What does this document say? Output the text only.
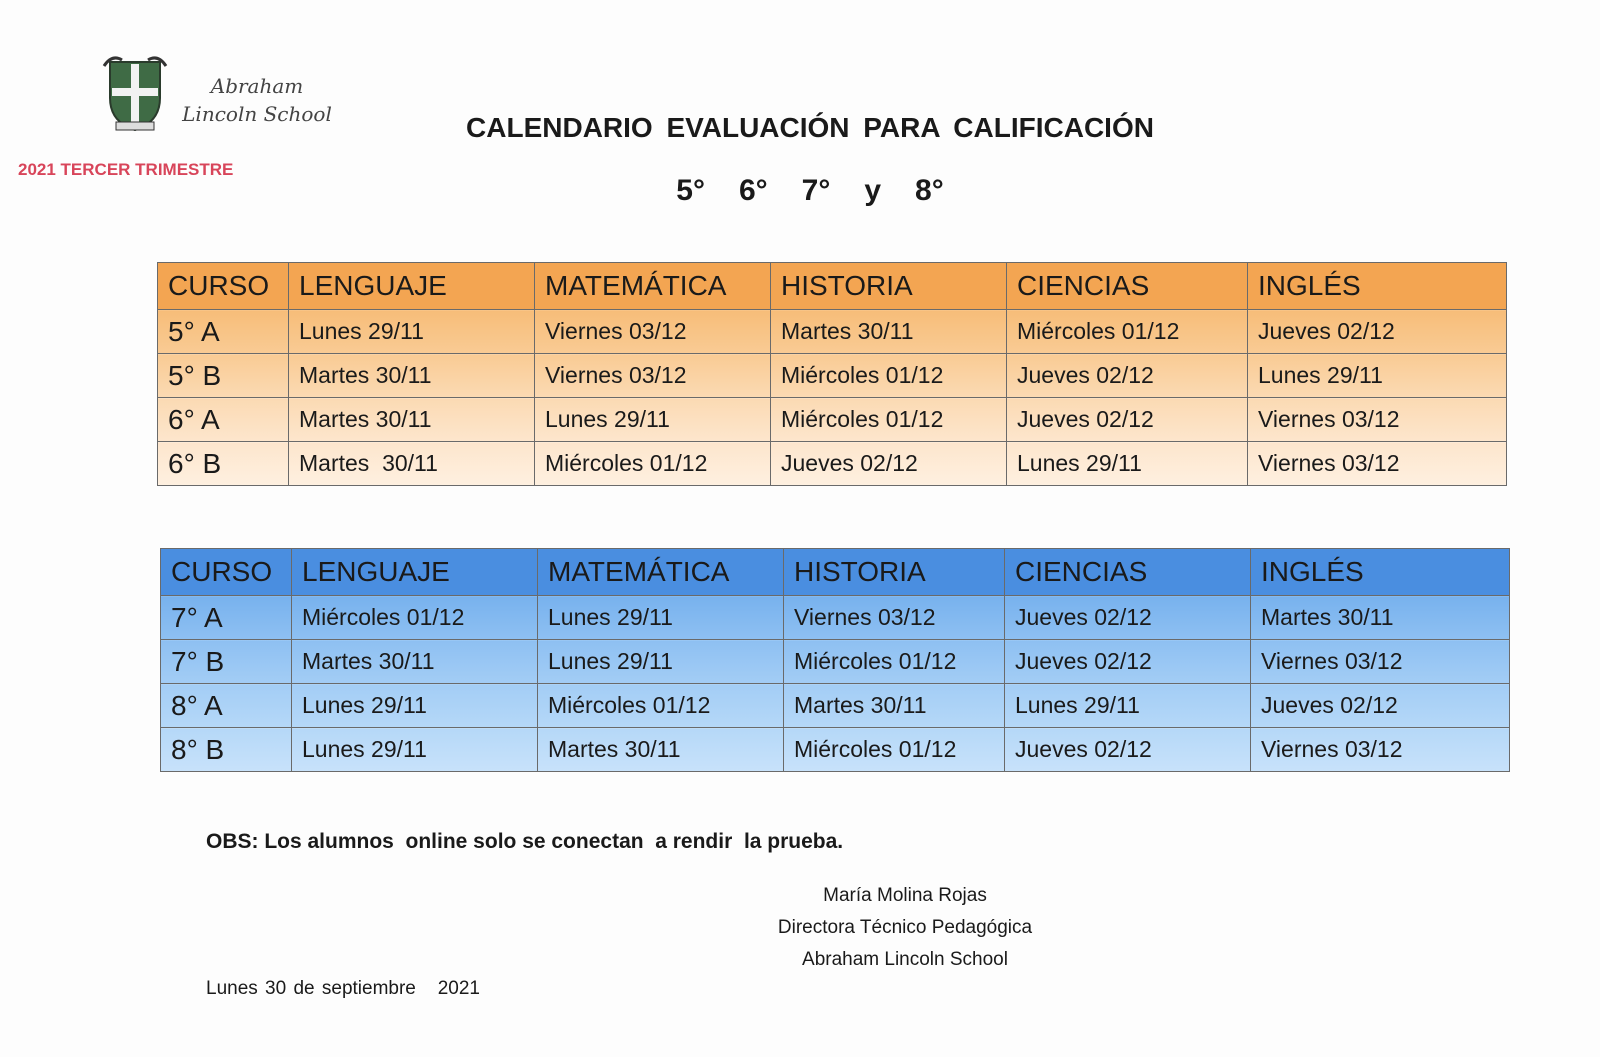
Abraham Lincoln School
2021 TERCER TRIMESTRE
CALENDARIO EVALUACIÓN PARA CALIFICACIÓN
5° 6° 7° y 8°
CURSO	LENGUAJE	MATEMÁTICA	HISTORIA	CIENCIAS	INGLÉS
5° A	Lunes 29/11	Viernes 03/12	Martes 30/11	Miércoles 01/12	Jueves 02/12
5° B	Martes 30/11	Viernes 03/12	Miércoles 01/12	Jueves 02/12	Lunes 29/11
6° A	Martes 30/11	Lunes 29/11	Miércoles 01/12	Jueves 02/12	Viernes 03/12
6° B	Martes  30/11	Miércoles 01/12	Jueves 02/12	Lunes 29/11	Viernes 03/12
CURSO	LENGUAJE	MATEMÁTICA	HISTORIA	CIENCIAS	INGLÉS
7° A	Miércoles 01/12	Lunes 29/11	Viernes 03/12	Jueves 02/12	Martes 30/11
7° B	Martes 30/11	Lunes 29/11	Miércoles 01/12	Jueves 02/12	Viernes 03/12
8° A	Lunes 29/11	Miércoles 01/12	Martes 30/11	Lunes 29/11	Jueves 02/12
8° B	Lunes 29/11	Martes 30/11	Miércoles 01/12	Jueves 02/12	Viernes 03/12
OBS: Los alumnos  online solo se conectan  a rendir  la prueba.
María Molina Rojas
Directora Técnico Pedagógica
Abraham Lincoln School
Lunes 30 de septiembre   2021
